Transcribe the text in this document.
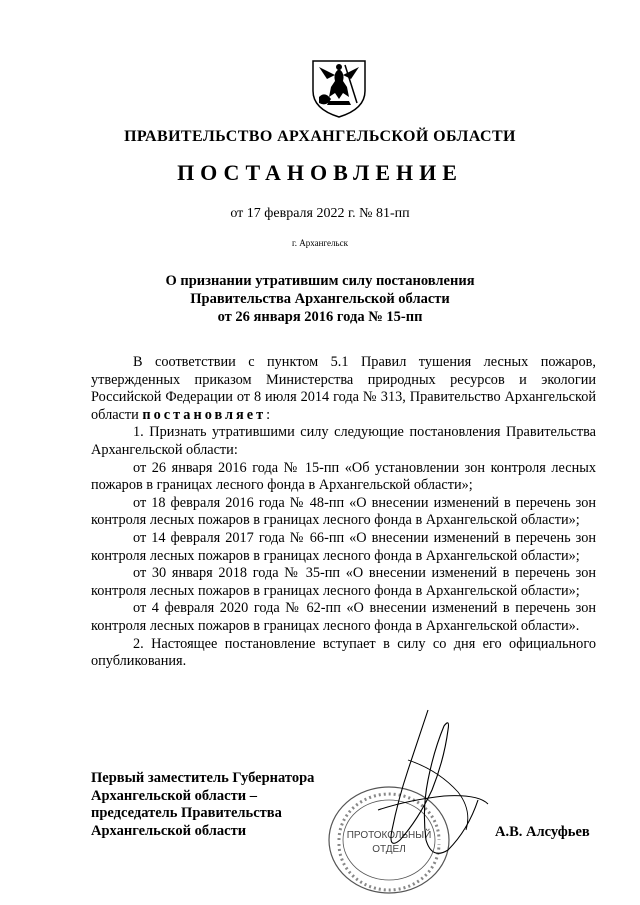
ПРАВИТЕЛЬСТВО АРХАНГЕЛЬСКОЙ ОБЛАСТИ
ПОСТАНОВЛЕНИЕ
от 17 февраля 2022 г. № 81-пп
г. Архангельск
О признании утратившим силу постановления
Правительства Архангельской области
от 26 января 2016 года № 15-пп

В соответствии с пунктом 5.1 Правил тушения лесных пожаров, утвержденных приказом Министерства природных ресурсов и экологии Российской Федерации от 8 июля 2014 года № 313, Правительство Архангельской области постановляет:

1. Признать утратившими силу следующие постановления Правительства Архангельской области:

от 26 января 2016 года № 15-пп «Об установлении зон контроля лесных пожаров в границах лесного фонда в Архангельской области»;

от 18 февраля 2016 года № 48-пп «О внесении изменений в перечень зон контроля лесных пожаров в границах лесного фонда в Архангельской области»;

от 14 февраля 2017 года № 66-пп «О внесении изменений в перечень зон контроля лесных пожаров в границах лесного фонда в Архангельской области»;

от 30 января 2018 года № 35-пп «О внесении изменений в перечень зон контроля лесных пожаров в границах лесного фонда в Архангельской области»;

от 4 февраля 2020 года № 62-пп «О внесении изменений в перечень зон контроля лесных пожаров в границах лесного фонда в Архангельской области».

2. Настоящее постановление вступает в силу со дня его официального опубликования.

Первый заместитель Губернатора
Архангельской области –
председатель Правительства
Архангельской области	ПРОТОКОЛЬНЫЙ
ОТДЕЛ
А.В. Алсуфьев
